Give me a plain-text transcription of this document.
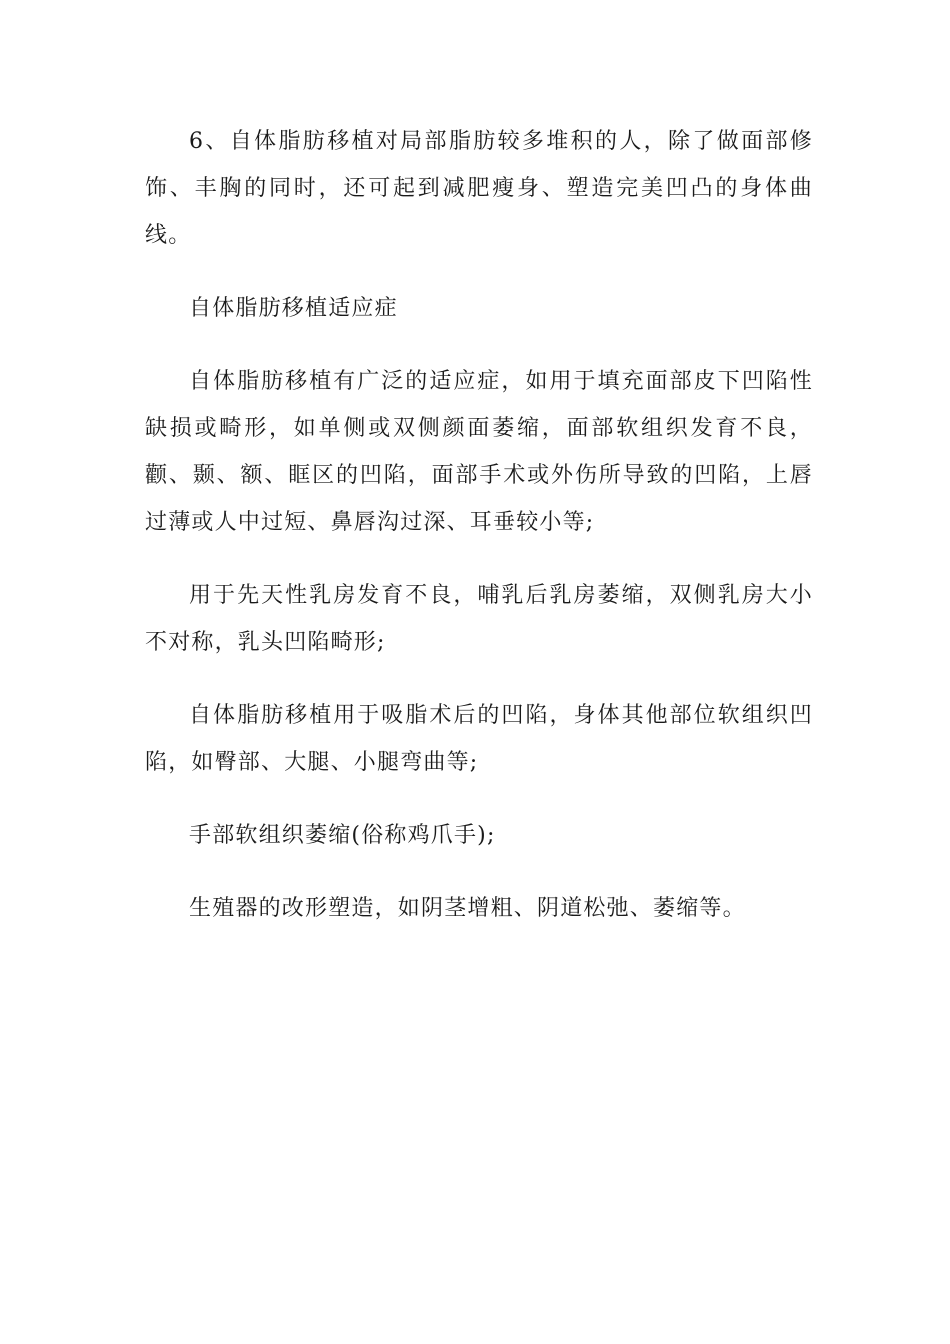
6、自体脂肪移植对局部脂肪较多堆积的人，除了做面部修饰、丰胸的同时，还可起到减肥瘦身、塑造完美凹凸的身体曲线。

自体脂肪移植适应症

自体脂肪移植有广泛的适应症，如用于填充面部皮下凹陷性缺损或畸形，如单侧或双侧颜面萎缩，面部软组织发育不良，颧、颞、额、眶区的凹陷，面部手术或外伤所导致的凹陷，上唇过薄或人中过短、鼻唇沟过深、耳垂较小等;

用于先天性乳房发育不良，哺乳后乳房萎缩，双侧乳房大小不对称，乳头凹陷畸形;

自体脂肪移植用于吸脂术后的凹陷，身体其他部位软组织凹陷，如臀部、大腿、小腿弯曲等;

手部软组织萎缩(俗称鸡爪手);

生殖器的改形塑造，如阴茎增粗、阴道松弛、萎缩等。
